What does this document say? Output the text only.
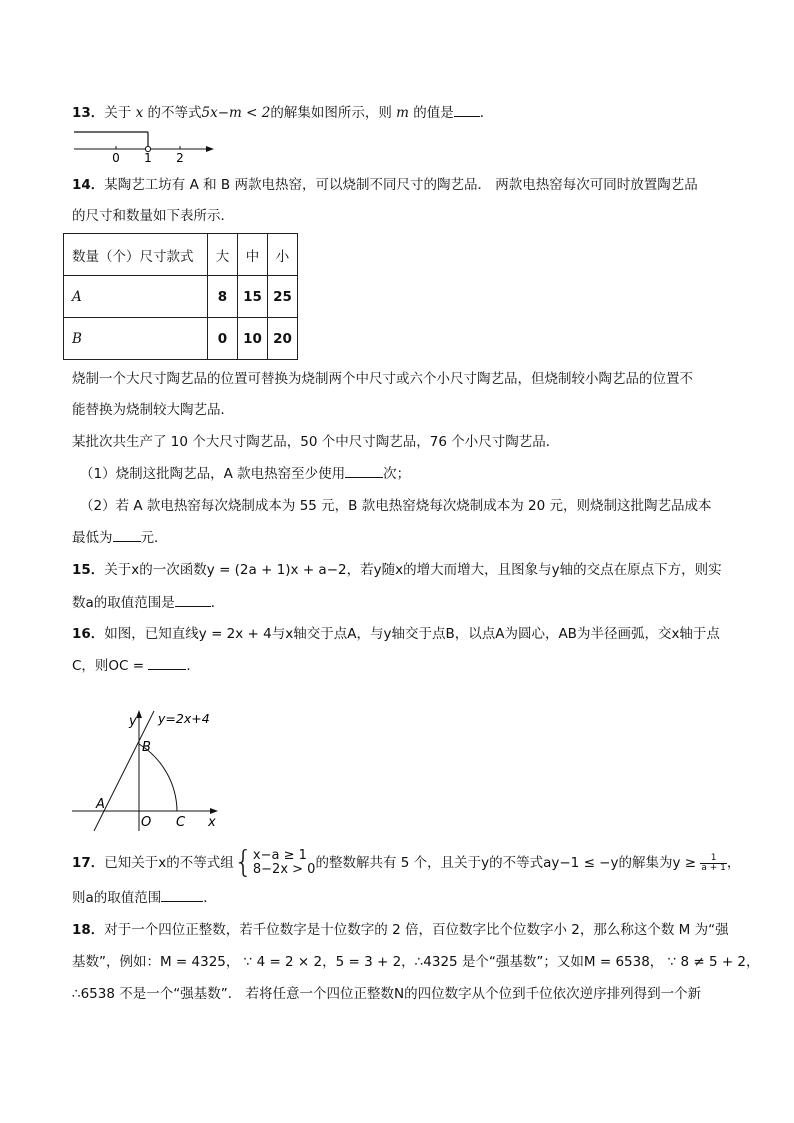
13．关于 x 的不等式5x−m < 2的解集如图所示，则 m 的值是 ．
0 1 2
14．某陶艺工坊有 A 和 B 两款电热窑，可以烧制不同尺寸的陶艺品． 两款电热窑每次可同时放置陶艺品
的尺寸和数量如下表所示．
数量（个）尺寸款式	大	中	小
A	8	15	25
B	0	10	20
烧制一个大尺寸陶艺品的位置可替换为烧制两个中尺寸或六个小尺寸陶艺品，但烧制较小陶艺品的位置不
能替换为烧制较大陶艺品．
某批次共生产了 10 个大尺寸陶艺品，50 个中尺寸陶艺品，76 个小尺寸陶艺品．
（1）烧制这批陶艺品，A 款电热窑至少使用	次；
（2）若 A 款电热窑每次烧制成本为 55 元，B 款电热窑烧每次烧制成本为 20 元，则烧制这批陶艺品成本
最低为 元．
15．关于x的一次函数y = (2a + 1)x + a−2，若y随x的增大而增大，且图象与y轴的交点在原点下方，则实
数a的取值范围是	．
16．如图，已知直线y = 2x + 4与x轴交于点A，与y轴交于点B，以点A为圆心，AB为半径画弧，交x轴于点
C，则OC =	．
y y=2x+4
B
A
O C x
17．已知关于x的不等式组{ x−a ≥ 1
8−2x > 0 的整数解共有 5 个，且关于y的不等式ay−1 ≤ −y的解集为$y \ge \frac{1}{a + 1}$ ，
则a的取值范围	．
18．对于一个四位正整数，若千位数字是十位数字的 2 倍，百位数字比个位数字小 2，那么称这个数 M 为“强
基数”，例如：M = 4325， ∵ 4 = 2 × 2，5 = 3 + 2，∴4325 是个“强基数”；又如M = 6538， ∵ 8 ≠ 5 + 2，
∴6538 不是一个“强基数”． 若将任意一个四位正整数N的四位数字从个位到千位依次逆序排列得到一个新
